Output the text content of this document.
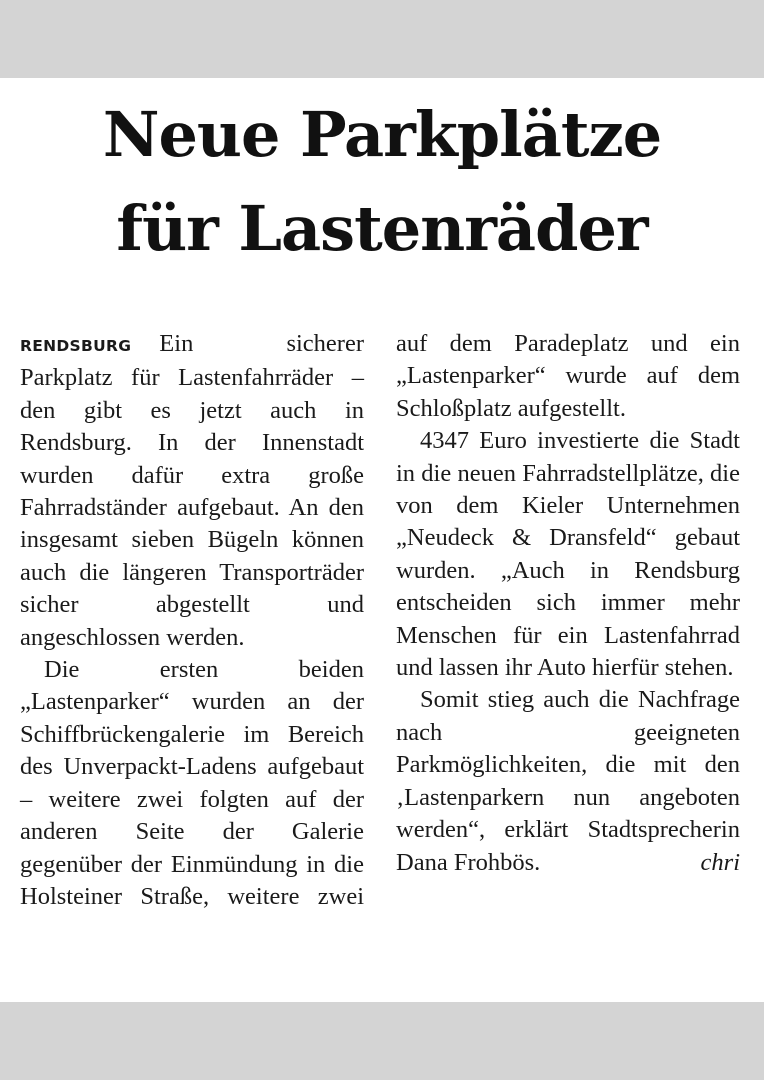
Neue Parkplätze
für Lastenräder

RENDSBURG Ein sicherer Parkplatz für Lastenfahrräder – den gibt es jetzt auch in Rendsburg. In der Innenstadt wurden dafür extra große Fahrradständer aufgebaut. An den insgesamt sieben Bügeln können auch die längeren Transporträder sicher abgestellt und angeschlossen werden.

Die ersten beiden „Lastenparker“ wurden an der Schiffbrückengalerie im Bereich des Unverpackt-Ladens aufgebaut – weitere zwei folgten auf der anderen Seite der Galerie gegenüber der Einmündung in die Holsteiner Straße, weitere zwei

auf dem Paradeplatz und ein „Lastenparker“ wurde auf dem Schloßplatz aufgestellt.

4347 Euro investierte die Stadt in die neuen Fahrradstellplätze, die von dem Kieler Unternehmen „Neudeck & Dransfeld“ gebaut wurden. „Auch in Rendsburg entscheiden sich immer mehr Menschen für ein Lastenfahrrad und lassen ihr Auto hierfür stehen.

Somit stieg auch die Nachfrage nach geeigneten Parkmöglichkeiten, die mit den ‚Lastenparkern nun angeboten werden“, erklärt Stadtsprecherin Dana Frohbös.	chri
